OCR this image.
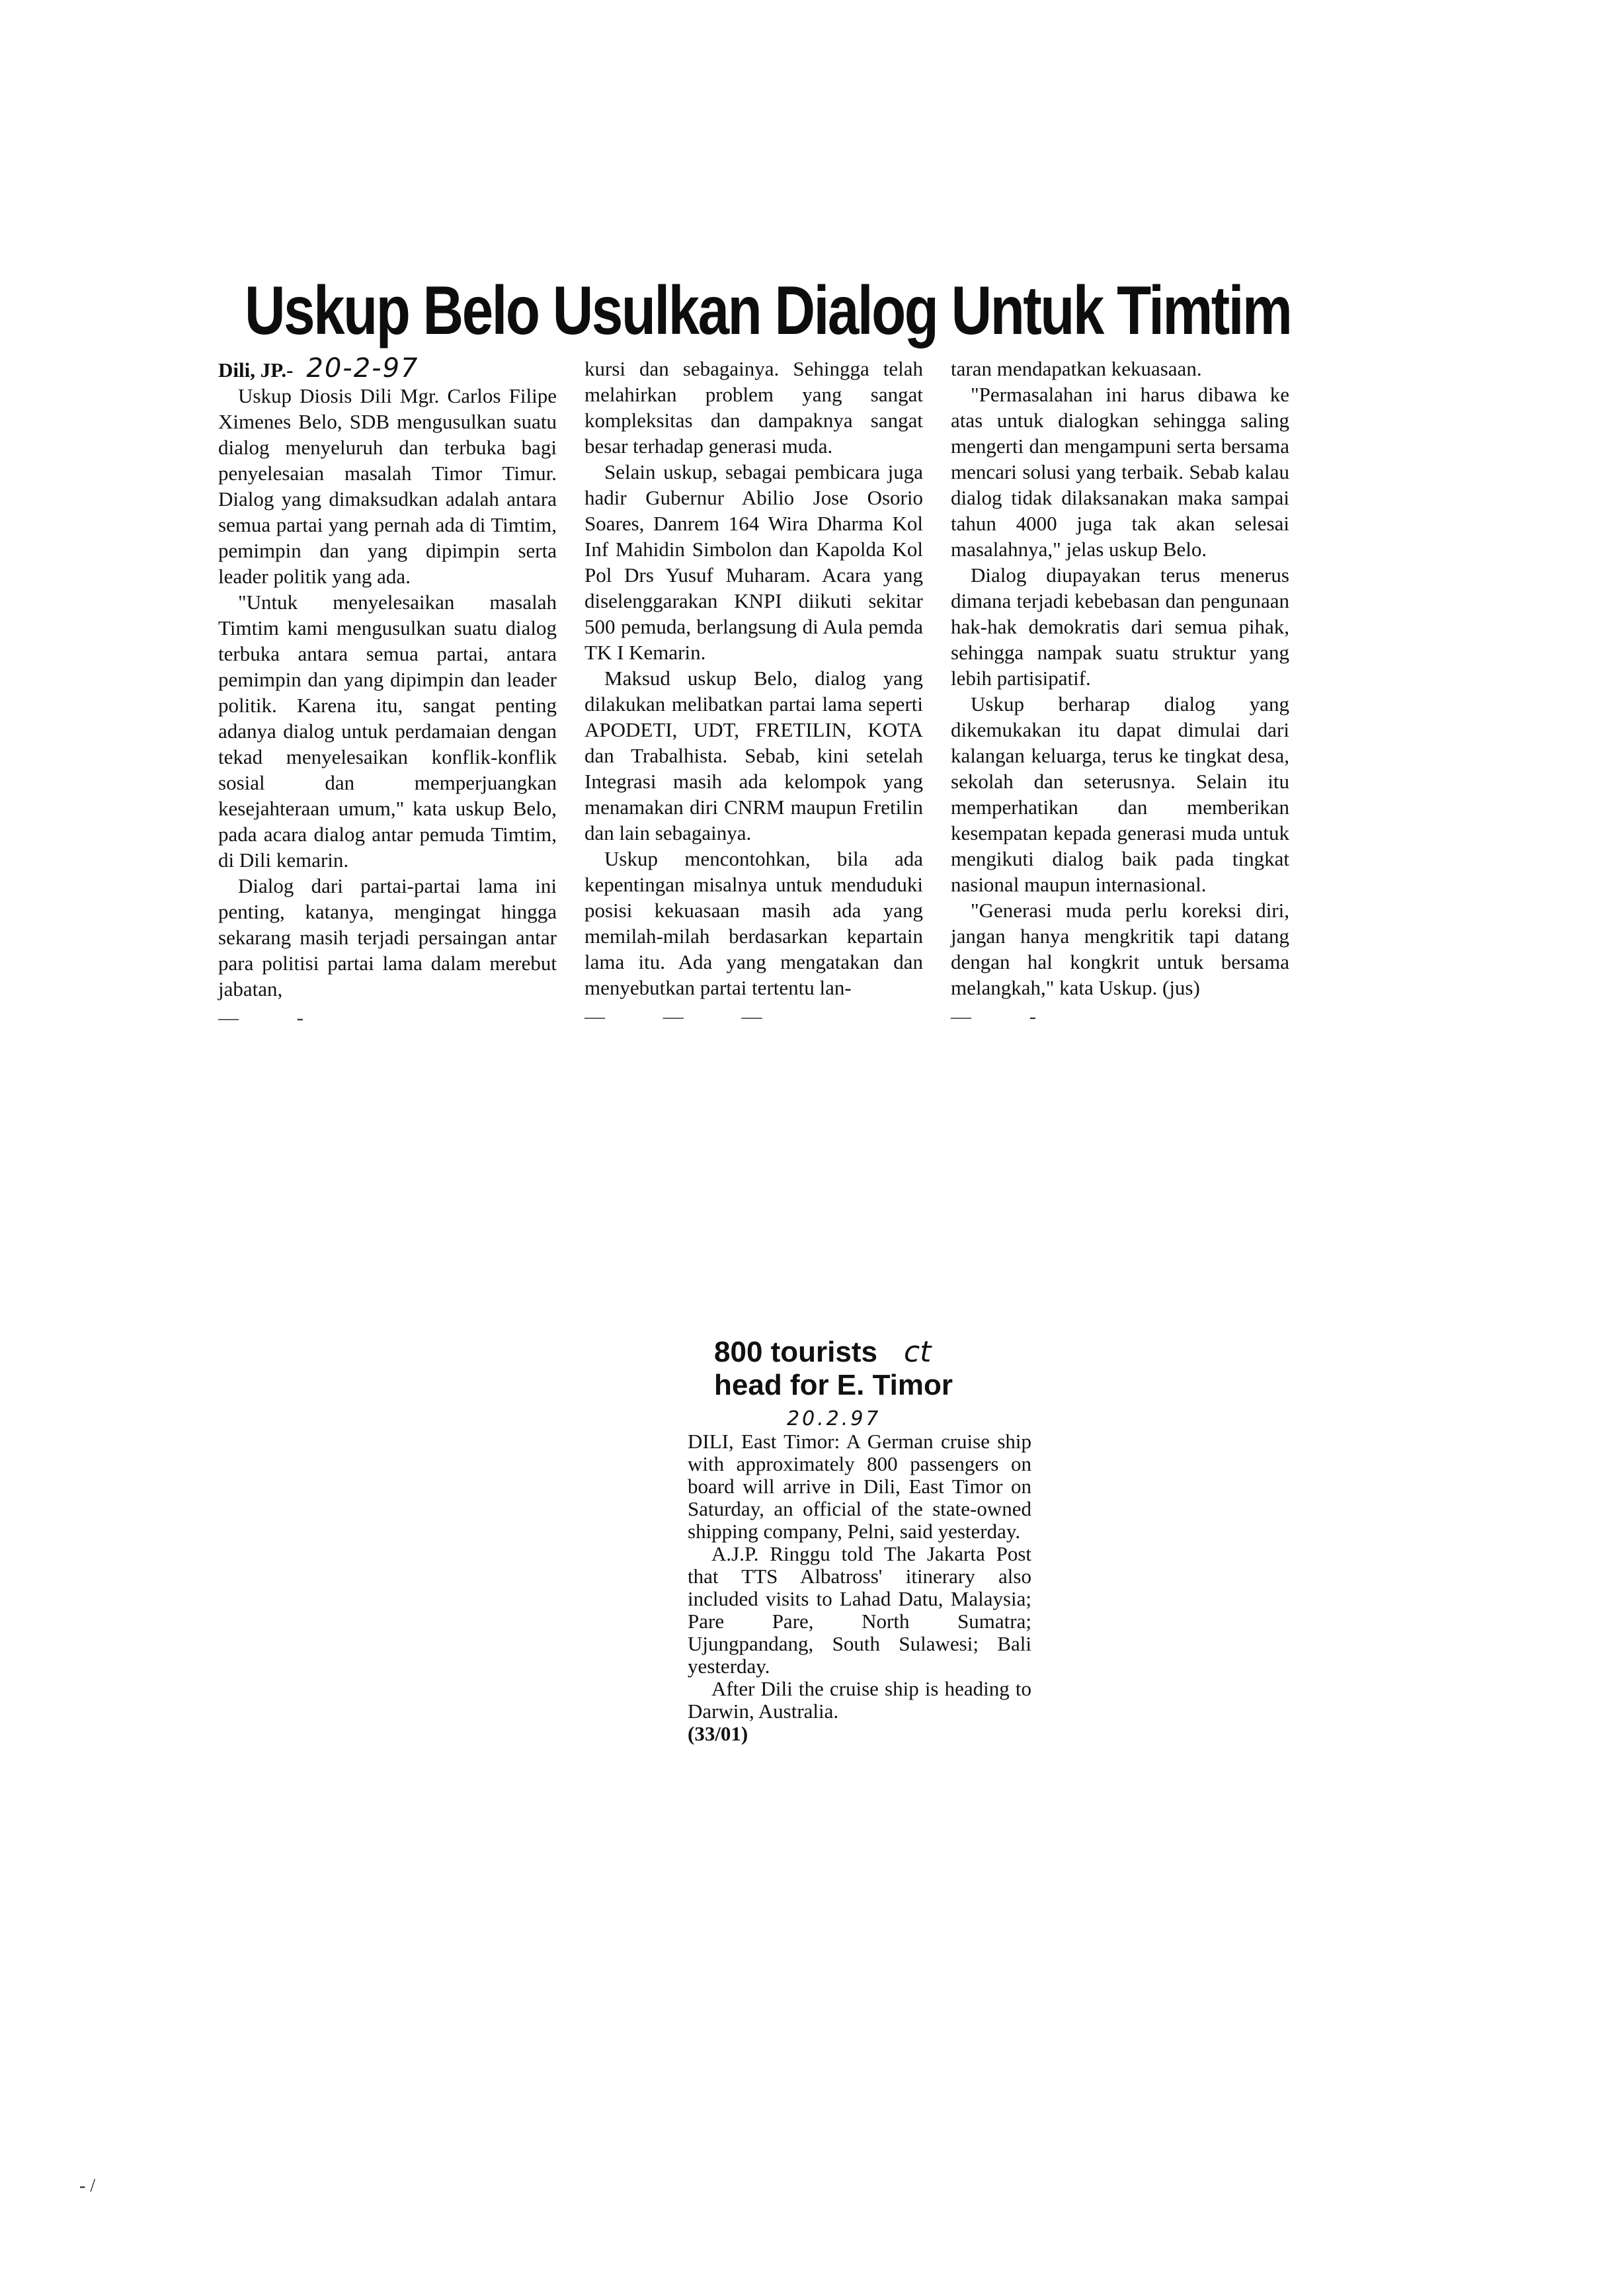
Uskup Belo Usulkan Dialog Untuk Timtim

Dili, JP.- 20-2-97

Uskup Diosis Dili Mgr. Carlos Filipe Ximenes Belo, SDB mengusulkan suatu dialog menyeluruh dan terbuka bagi penyelesaian masalah Timor Timur. Dialog yang dimaksudkan adalah antara semua partai yang pernah ada di Timtim, pemimpin dan yang dipimpin serta leader politik yang ada.

"Untuk menyelesaikan masalah Timtim kami mengusulkan suatu dialog terbuka antara semua partai, antara pemimpin dan yang dipimpin dan leader politik. Karena itu, sangat penting adanya dialog untuk perdamaian dengan tekad menyelesaikan konflik-konflik sosial dan memperjuangkan kesejahteraan umum," kata uskup Belo, pada acara dialog antar pemuda Timtim, di Dili kemarin.

Dialog dari partai-partai lama ini penting, katanya, mengingat hingga sekarang masih terjadi persaingan antar para politisi partai lama dalam merebut jabatan,

— -

kursi dan sebagainya. Sehingga telah melahirkan problem yang sangat kompleksitas dan dampaknya sangat besar terhadap generasi muda.

Selain uskup, sebagai pembicara juga hadir Gubernur Abilio Jose Osorio Soares, Danrem 164 Wira Dharma Kol Inf Mahidin Simbolon dan Kapolda Kol Pol Drs Yusuf Muharam. Acara yang diselenggarakan KNPI diikuti sekitar 500 pemuda, berlangsung di Aula pemda TK I Kemarin.

Maksud uskup Belo, dialog yang dilakukan melibatkan partai lama seperti APODETI, UDT, FRETILIN, KOTA dan Trabalhista. Sebab, kini setelah Integrasi masih ada kelompok yang menamakan diri CNRM maupun Fretilin dan lain sebagainya.

Uskup mencontohkan, bila ada kepentingan misalnya untuk menduduki posisi kekuasaan masih ada yang memilah-milah berdasarkan kepartain lama itu. Ada yang mengatakan dan menyebutkan partai tertentu lan-

— — —

taran mendapatkan kekuasaan.

"Permasalahan ini harus dibawa ke atas untuk dialogkan sehingga saling mengerti dan mengampuni serta bersama mencari solusi yang terbaik. Sebab kalau dialog tidak dilaksanakan maka sampai tahun 4000 juga tak akan selesai masalahnya," jelas uskup Belo.

Dialog diupayakan terus menerus dimana terjadi kebebasan dan pengunaan hak-hak demokratis dari semua pihak, sehingga nampak suatu struktur yang lebih partisipatif.

Uskup berharap dialog yang dikemukakan itu dapat dimulai dari kalangan keluarga, terus ke tingkat desa, sekolah dan seterusnya. Selain itu memperhatikan dan memberikan kesempatan kepada generasi muda untuk mengikuti dialog baik pada tingkat nasional maupun internasional.

"Generasi muda perlu koreksi diri, jangan hanya mengkritik tapi datang dengan hal kongkrit untuk bersama melangkah," kata Uskup. (jus)

— -
800 tourists ct
head for E. Timor
20.2.97

DILI, East Timor: A German cruise ship with approximately 800 passengers on board will arrive in Dili, East Timor on Saturday, an official of the state-owned shipping company, Pelni, said yesterday.

A.J.P. Ringgu told The Jakarta Post that TTS Albatross' itinerary also included visits to Lahad Datu, Malaysia; Pare Pare, North Sumatra; Ujungpandang, South Sulawesi; Bali yesterday.

After Dili the cruise ship is heading to Darwin, Australia.

(33/01)
- /
